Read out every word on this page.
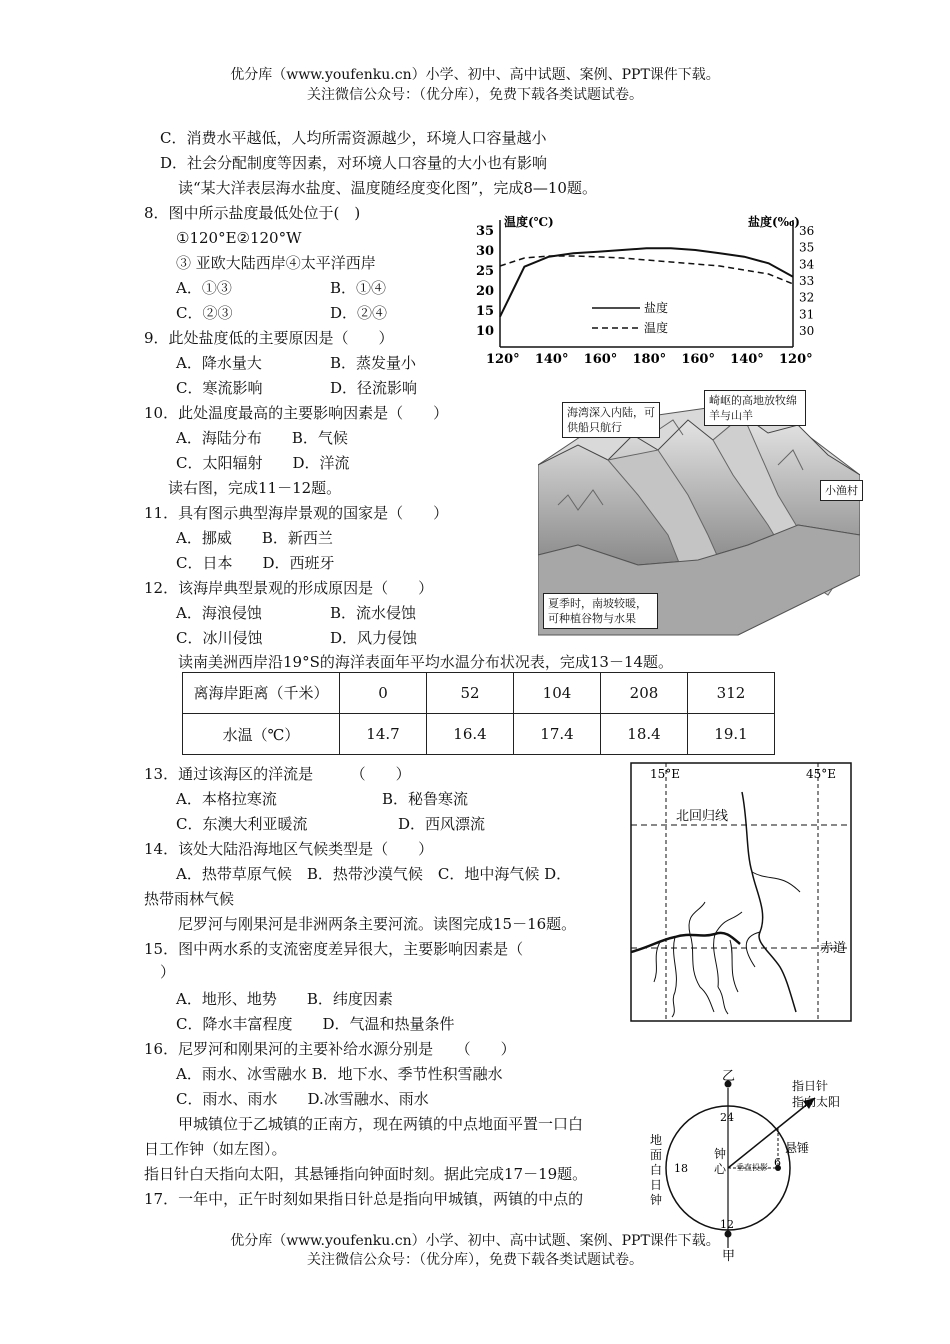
优分库（www.youfenku.cn）小学、初中、高中试题、案例、PPT课件下载。
关注微信公众号：（优分库），免费下载各类试题试卷。
C．消费水平越低，人均所需资源越少，环境人口容量越小
D．社会分配制度等因素，对环境人口容量的大小也有影响
读“某大洋表层海水盐度、温度随经度变化图”，完成8—10题。
8．图中所示盐度最低处位于(　)
①120°E②120°W
③ 亚欧大陆西岸④太平洋西岸
A．①③	B．①④
C．②③	D．②④
9．此处盐度低的主要原因是（　　）
A．降水量大	B．蒸发量小
C．寒流影响	D．径流影响
10．此处温度最高的主要影响因素是（　　）
A．海陆分布　　B．气候
C．太阳辐射　　D．洋流
读右图，完成11－12题。
11．具有图示典型海岸景观的国家是（　　）
A．挪威　　B．新西兰
C．日本　　D．西班牙
12．该海岸典型景观的形成原因是（　　）
A．海浪侵蚀	B．流水侵蚀
C．冰川侵蚀	D．风力侵蚀
读南美洲西岸沿19°S的海洋表面年平均水温分布状况表，完成13－14题。
离海岸距离（千米）	0	52	104	208	312
水温（℃）	14.7	16.4	17.4	18.4	19.1
13．通过该海区的洋流是　　　（　　）
A．本格拉寒流	B．秘鲁寒流
C．东澳大利亚暖流	D．西风漂流
14．该处大陆沿海地区气候类型是（　　）
A．热带草原气候　B．热带沙漠气候　C．地中海气候 D．
热带雨林气候
尼罗河与刚果河是非洲两条主要河流。读图完成15－16题。
15．图中两水系的支流密度差异很大，主要影响因素是（
）
A．地形、地势　　B．纬度因素
C．降水丰富程度　　D．气温和热量条件
16．尼罗河和刚果河的主要补给水源分别是　　（　　）
A．雨水、冰雪融水 B．地下水、季节性积雪融水
C．雨水、雨水　　D.冰雪融水、雨水
甲城镇位于乙城镇的正南方，现在两镇的中点地面平置一口白
日工作钟（如左图）。
指日针白天指向太阳，其悬锤指向钟面时刻。据此完成17－19题。
17．一年中，正午时刻如果指日针总是指向甲城镇，两镇的中点的
优分库（www.youfenku.cn）小学、初中、高中试题、案例、PPT课件下载。
关注微信公众号：（优分库），免费下载各类试题试卷。
温度(℃)	盐度(‰)
35
30
25
20
15
10
36
35
34
33
32
31
30
120° 140° 160° 180° 160° 140° 120°
盐度
温度
海湾深入内陆，可供船只航行
崎岖的高地放牧绵羊与山羊
小渔村
夏季时，南坡较暖，可种植谷物与水果
15°E	45°E
北回归线
赤道
乙
甲
24
12
18	6
垂直投影
悬锤
指日针指向太阳
钟心
地面白日钟
